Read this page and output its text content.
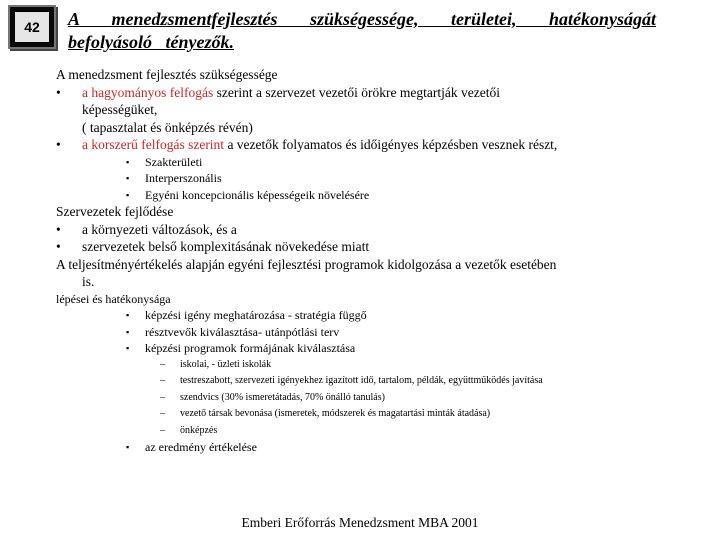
42	A menedzsmentfejlesztés szükségessége, területei, hatékonyságát befolyásoló tényezők.
A menedzsment fejlesztés szükségessége
• a hagyományos felfogás szerint a szervezet vezetői örökre megtartják vezetői
képességüket,
( tapasztalat és önképzés révén)
• a korszerű felfogás szerint a vezetők folyamatos és időigényes képzésben vesznek részt,
▪ Szakterületi
▪ Interperszonális
▪ Egyéni koncepcionális képességeik növelésére
Szervezetek fejlődése
• a környezeti változások, és a
• szervezetek belső komplexitásának növekedése miatt
A teljesítményértékelés alapján egyéni fejlesztési programok kidolgozása a vezetők esetében
is.
lépései és hatékonysága
▪ képzési igény meghatározása - stratégia függő
▪ résztvevők kiválasztása- utánpótlási terv
▪ képzési programok formájának kiválasztása
– iskolai, - üzleti iskolák
– testreszabott, szervezeti igényekhez igazított idő, tartalom, példák, együttműködés javítása
– szendvics (30% ismeretátadás, 70% önálló tanulás)
– vezető társak bevonása (ismeretek, módszerek és magatartási minták átadása)
– önképzés
▪ az eredmény értékelése
Emberi Erőforrás Menedzsment MBA 2001
